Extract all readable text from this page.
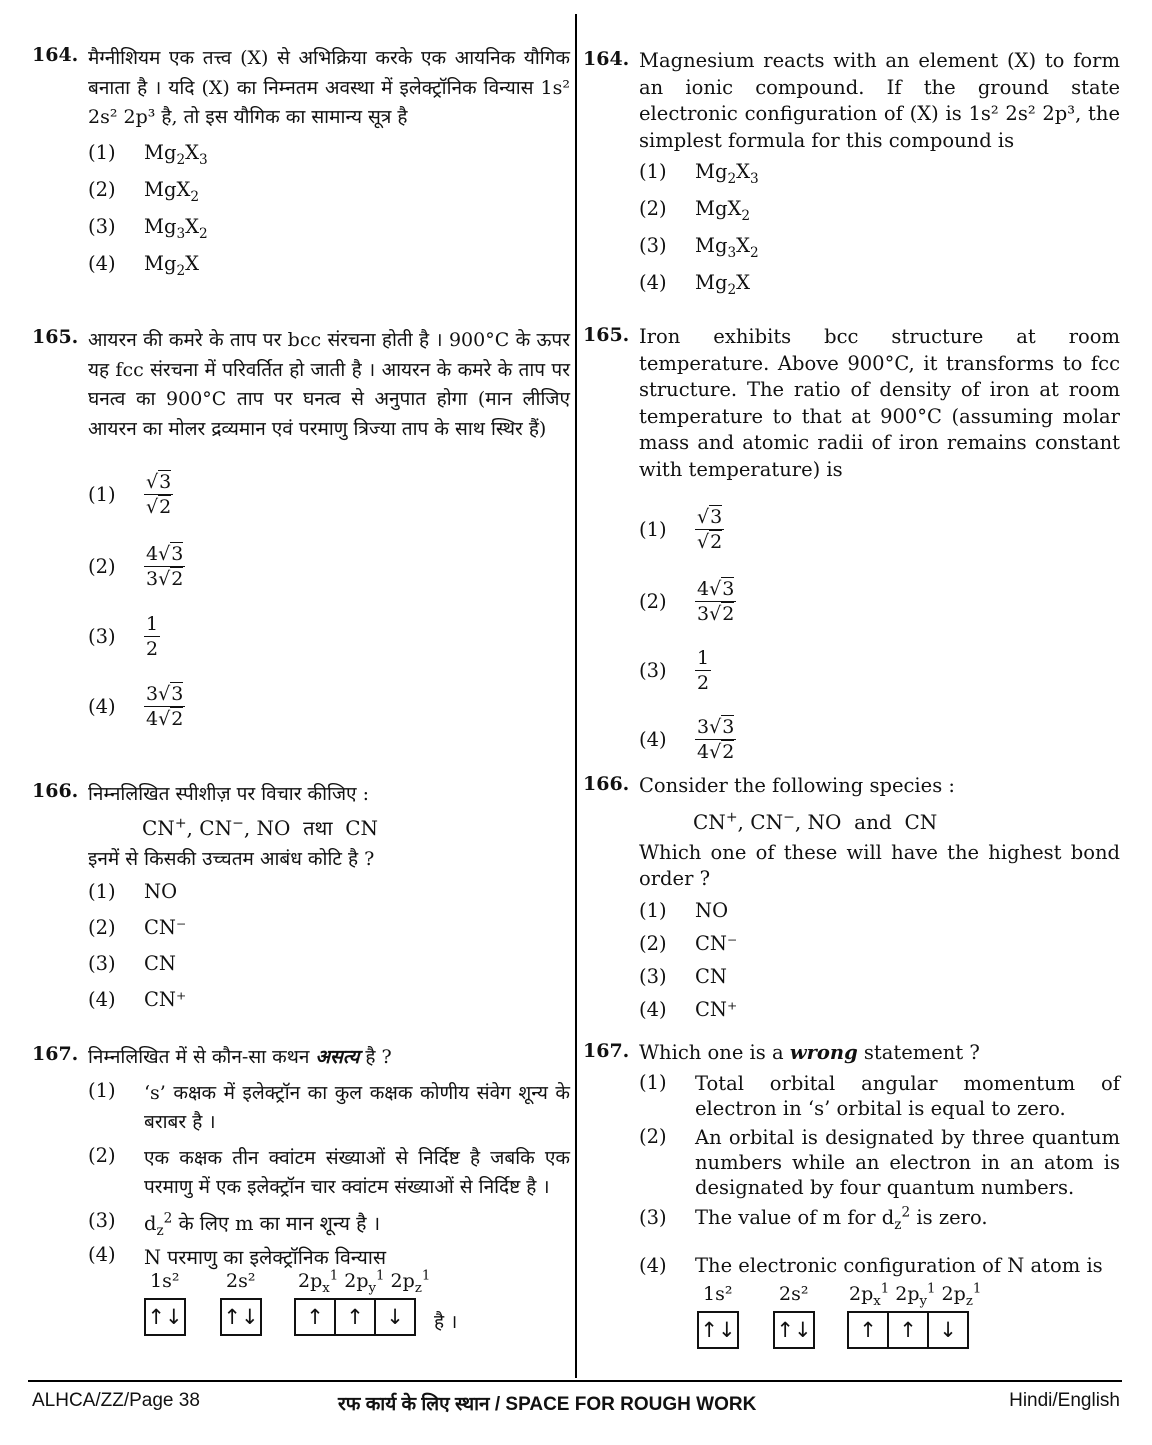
164. मैग्नीशियम एक तत्त्व (X) से अभिक्रिया करके एक आयनिक यौगिक बनाता है । यदि (X) का निम्नतम अवस्था में इलेक्ट्रॉनिक विन्यास 1s² 2s² 2p³ है, तो इस यौगिक का सामान्य सूत्र है
(1) $Mg_2X_3$
(2) MgX$_2$
(3) $Mg_3X_2$
(4) $Mg_2X$
165. आयरन की कमरे के ताप पर bcc संरचना होती है । 900°C के ऊपर यह fcc संरचना में परिवर्तित हो जाती है । आयरन के कमरे के ताप पर घनत्व का 900°C ताप पर घनत्व से अनुपात होगा (मान लीजिए आयरन का मोलर द्रव्यमान एवं परमाणु त्रिज्या ताप के साथ स्थिर हैं)
(1)	$\frac{√3}{√2}$
(2)	$\frac{4√3}{3√2}$
(3)	$\frac{1}{2}$
(4)	$\frac{3√3}{4√2}$
166. निम्नलिखित स्पीशीज़ पर विचार कीजिए :
CN+, CN−, NO  तथा  CN
इनमें से किसकी उच्चतम आबंध कोटि है ?
(1) NO
(2) CN⁻
(3) CN
(4) CN⁺
167. निम्नलिखित में से कौन-सा कथन असत्य है ?
(1) ‘s’ कक्षक में इलेक्ट्रॉन का कुल कक्षक कोणीय संवेग शून्य के बराबर है ।
(2) एक कक्षक तीन क्वांटम संख्याओं से निर्दिष्ट है जबकि एक परमाणु में एक इलेक्ट्रॉन चार क्वांटम संख्याओं से निर्दिष्ट है ।
(3) $d_z^2$ के लिए m का मान शून्य है ।
(4) N परमाणु का इलेक्ट्रॉनिक विन्यास
1s² 2s² $2p_x^1$ $2p_y^1$ $2p_z^1$
↑ ↓ ↑ ↓	↑	↑	↓	है ।
164. Magnesium reacts with an element (X) to form an ionic compound. If the ground state electronic configuration of (X) is 1s² 2s² 2p³, the simplest formula for this compound is
(1) $Mg_2X_3$
(2) MgX$_2$
(3) $Mg_3X_2$
(4) $Mg_2X$
165. Iron exhibits bcc structure at room temperature. Above 900°C, it transforms to fcc structure. The ratio of density of iron at room temperature to that at 900°C (assuming molar mass and atomic radii of iron remains constant with temperature) is
(1)	$\frac{√3}{√2}$
(2)	$\frac{4√3}{3√2}$
(3)	$\frac{1}{2}$
(4)	$\frac{3√3}{4√2}$
166. Consider the following species :
CN+, CN−, NO  and  CN
Which one of these will have the highest bond order ?
(1) NO
(2) CN⁻
(3) CN
(4) CN⁺
167. Which one is a wrong statement ?
(1) Total orbital angular momentum of electron in ‘s’ orbital is equal to zero.
(2) An orbital is designated by three quantum numbers while an electron in an atom is designated by four quantum numbers.
(3) The value of m for $d_z^2$ is zero.
(4) The electronic configuration of N atom is
1s² 2s² $2p_x^1$ $2p_y^1$ $2p_z^1$
↑ ↓ ↑ ↓	↑	↑	↓
ALHCA/ZZ/Page 38	रफ कार्य के लिए स्थान / SPACE FOR ROUGH WORK	Hindi/English
